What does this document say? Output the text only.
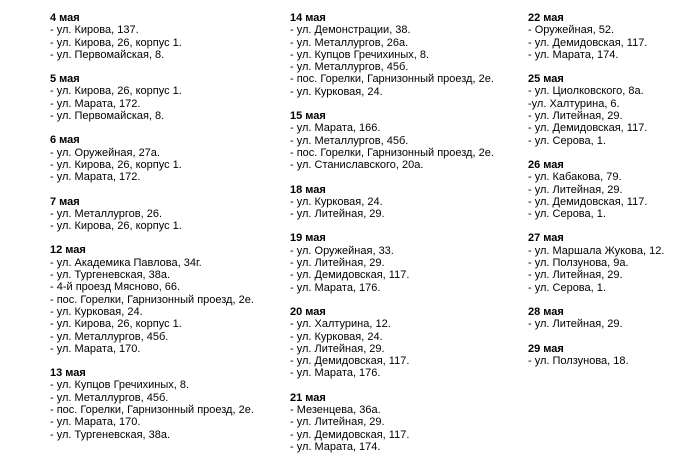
4 мая
- ул. Кирова, 137.
- ул. Кирова, 26, корпус 1.
- ул. Первомайская, 8.
5 мая
- ул. Кирова, 26, корпус 1.
- ул. Марата, 172.
- ул. Первомайская, 8.
6 мая
- ул. Оружейная, 27а.
- ул. Кирова, 26, корпус 1.
- ул. Марата, 172.
7 мая
- ул. Металлургов, 26.
- ул. Кирова, 26, корпус 1.
12 мая
- ул. Академика Павлова, 34г.
- ул. Тургеневская, 38а.
- 4-й проезд Мясново, 66.
- пос. Горелки, Гарнизонный проезд, 2е.
- ул. Курковая, 24.
- ул. Кирова, 26, корпус 1.
- ул. Металлургов, 45б.
- ул. Марата, 170.
13 мая
- ул. Купцов Гречихиных, 8.
- ул. Металлургов, 45б.
- пос. Горелки, Гарнизонный проезд, 2е.
- ул. Марата, 170.
- ул. Тургеневская, 38а.
14 мая
- ул. Демонстрации, 38.
- ул. Металлургов, 26а.
- ул. Купцов Гречихиных, 8.
- ул. Металлургов, 45б.
- пос. Горелки, Гарнизонный проезд, 2е.
- ул. Курковая, 24.
15 мая
- ул. Марата, 166.
- ул. Металлургов, 45б.
- пос. Горелки, Гарнизонный проезд, 2е.
- ул. Станиславского, 20а.
18 мая
- ул. Курковая, 24.
- ул. Литейная, 29.
19 мая
- ул. Оружейная, 33.
- ул. Литейная, 29.
- ул. Демидовская, 117.
- ул. Марата, 176.
20 мая
- ул. Халтурина, 12.
- ул. Курковая, 24.
- ул. Литейная, 29.
- ул. Демидовская, 117.
- ул. Марата, 176.
21 мая
- Мезенцева, 36а.
- ул. Литейная, 29.
- ул. Демидовская, 117.
- ул. Марата, 174.
22 мая
- Оружейная, 52.
- ул. Демидовская, 117.
- ул. Марата, 174.
25 мая
- ул. Циолковского, 8а.
-ул. Халтурина, 6.
- ул. Литейная, 29.
- ул. Демидовская, 117.
- ул. Серова, 1.
26 мая
- ул. Кабакова, 79.
- ул. Литейная, 29.
- ул. Демидовская, 117.
- ул. Серова, 1.
27 мая
- ул. Маршала Жукова, 12.
- ул. Ползунова, 9а.
- ул. Литейная, 29.
- ул. Серова, 1.
28 мая
- ул. Литейная, 29.
29 мая
- ул. Ползунова, 18.
